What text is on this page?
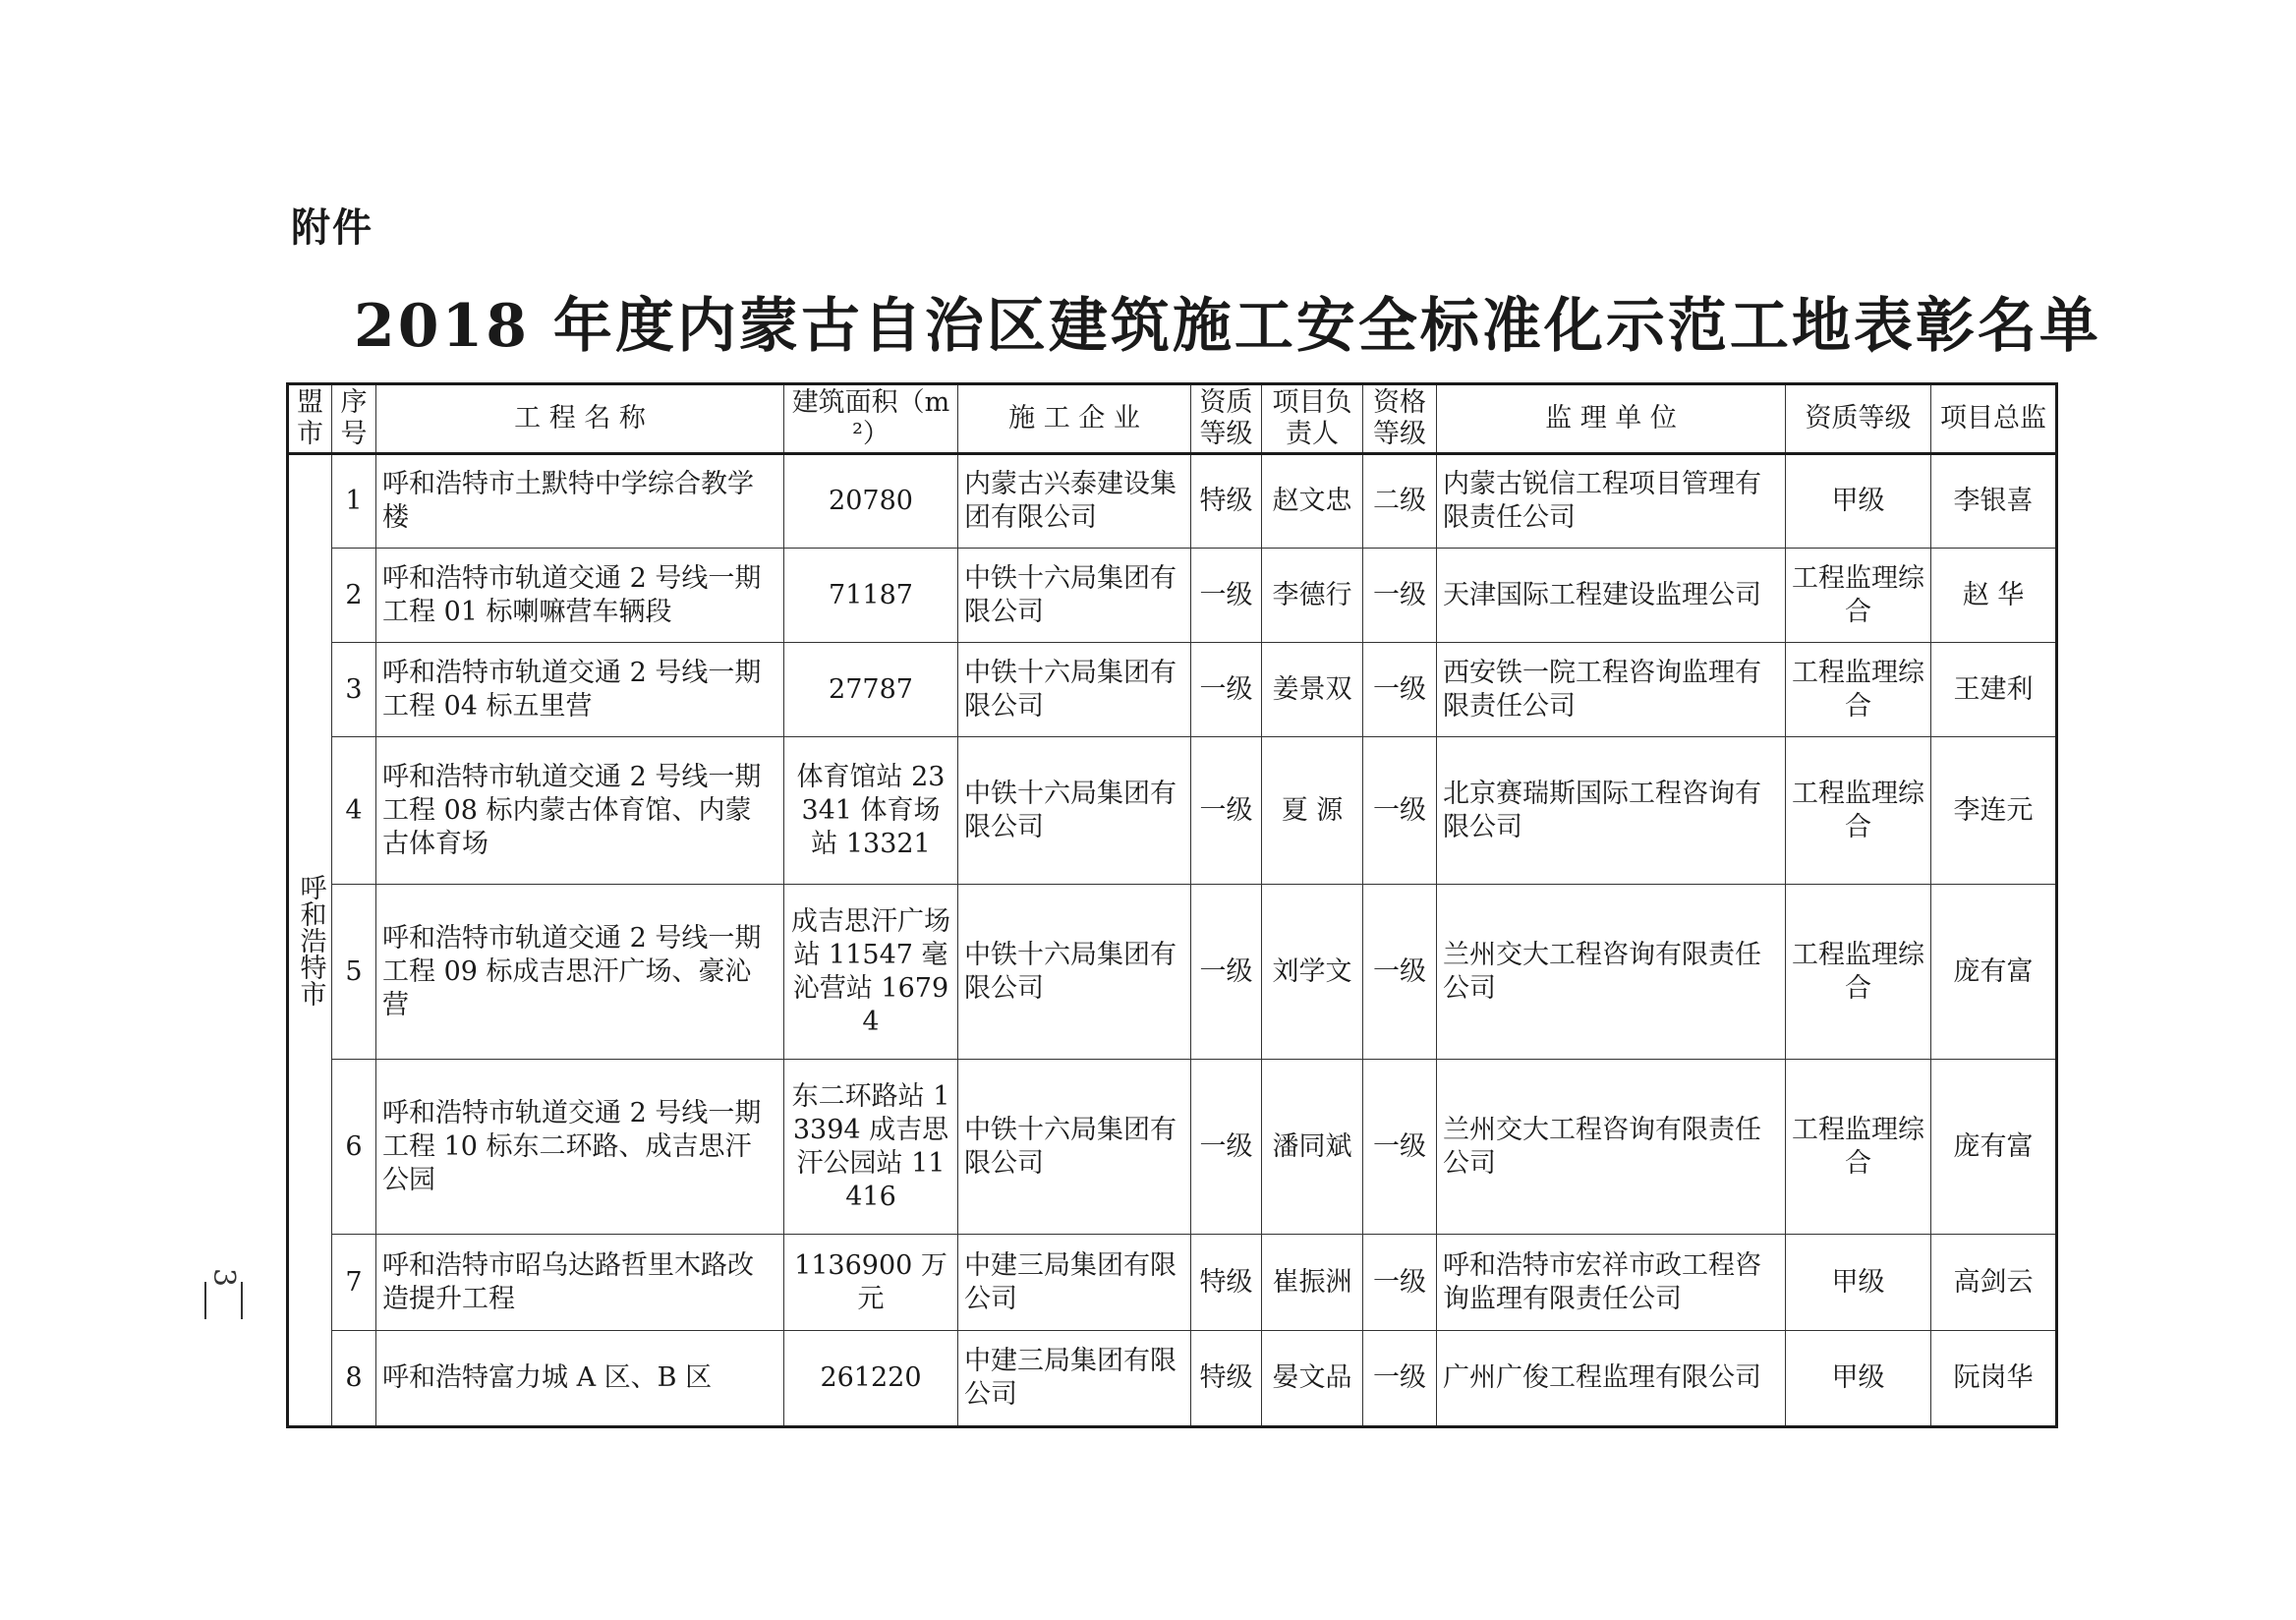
附件
2018 年度内蒙古自治区建筑施工安全标准化示范工地表彰名单
盟市	序号	工 程 名 称	建筑面积（m²）	施 工 企 业	资质等级	项目负责人	资格等级	监 理 单 位	资质等级	项目总监
呼和浩特市	1	呼和浩特市土默特中学综合教学楼	20780	内蒙古兴泰建设集团有限公司	特级	赵文忠	二级	内蒙古锐信工程项目管理有限责任公司	甲级	李银喜
	2	呼和浩特市轨道交通 2 号线一期工程 01 标喇嘛营车辆段	71187	中铁十六局集团有限公司	一级	李德行	一级	天津国际工程建设监理公司	工程监理综合	赵 华
	3	呼和浩特市轨道交通 2 号线一期工程 04 标五里营	27787	中铁十六局集团有限公司	一级	姜景双	一级	西安铁一院工程咨询监理有限责任公司	工程监理综合	王建利
	4	呼和浩特市轨道交通 2 号线一期工程 08 标内蒙古体育馆、内蒙古体育场	体育馆站 23341 体育场站 13321	中铁十六局集团有限公司	一级	夏 源	一级	北京赛瑞斯国际工程咨询有限公司	工程监理综合	李连元
	5	呼和浩特市轨道交通 2 号线一期工程 09 标成吉思汗广场、豪沁营	成吉思汗广场站 11547 毫沁营站 16794	中铁十六局集团有限公司	一级	刘学文	一级	兰州交大工程咨询有限责任公司	工程监理综合	庞有富
	6	呼和浩特市轨道交通 2 号线一期工程 10 标东二环路、成吉思汗公园	东二环路站 13394 成吉思汗公园站 11416	中铁十六局集团有限公司	一级	潘同斌	一级	兰州交大工程咨询有限责任公司	工程监理综合	庞有富
	7	呼和浩特市昭乌达路哲里木路改造提升工程	1136900 万元	中建三局集团有限公司	特级	崔振洲	一级	呼和浩特市宏祥市政工程咨询监理有限责任公司	甲级	高剑云
	8	呼和浩特富力城 A 区、B 区	261220	中建三局集团有限公司	特级	晏文品	一级	广州广俊工程监理有限公司	甲级	阮岗华
3
